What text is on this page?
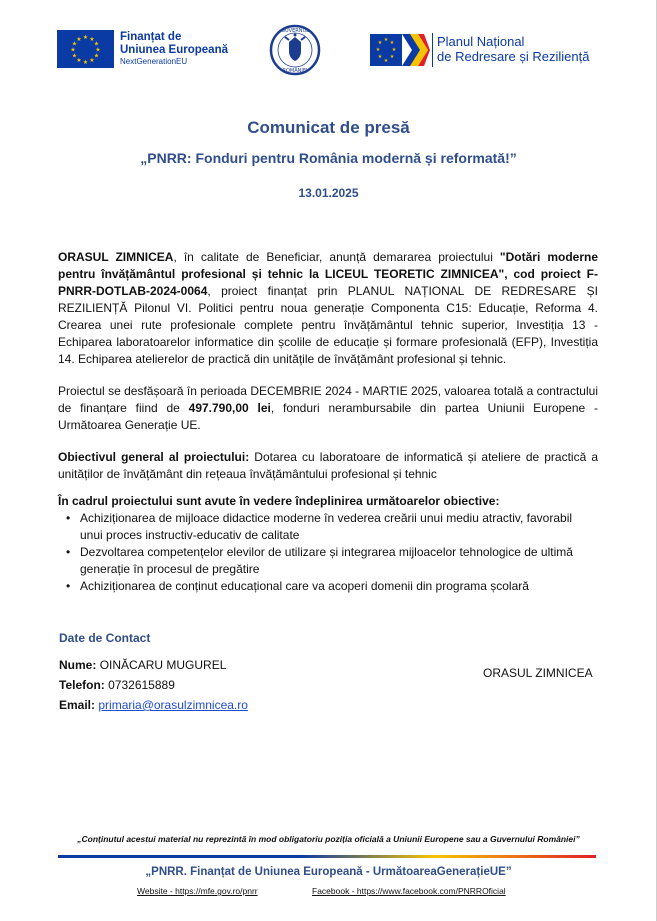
★ ★
★
★
★
★
★
★
★
★
★
★	Finanțat de
Uniunea Europeană
NextGenerationEU
GUVERNUL
ROMÂNIEI
★ ★
★
★
★
★
★
★	Planul Național
de Redresare și Reziliență
Comunicat de presă
„PNRR: Fonduri pentru România modernă și reformată!”
13.01.2025

ORASUL ZIMNICEA, în calitate de Beneficiar, anunță demararea proiectului "Dotări moderne pentru învățământul profesional și tehnic la LICEUL TEORETIC ZIMNICEA", cod proiect F-PNRR-DOTLAB-2024-0064, proiect finanțat prin PLANUL NAȚIONAL DE REDRESARE ȘI REZILIENȚĂ Pilonul VI. Politici pentru noua generație Componenta C15: Educație, Reforma 4. Crearea unei rute profesionale complete pentru învățământul tehnic superior, Investiția 13 - Echiparea laboratoarelor informatice din școlile de educație și formare profesională (EFP), Investiția 14. Echiparea atelierelor de practică din unitățile de învățământ profesional și tehnic.

Proiectul se desfășoară în perioada DECEMBRIE 2024 - MARTIE 2025, valoarea totală a contractului de finanțare fiind de 497.790,00 lei, fonduri nerambursabile din partea Uniunii Europene - Următoarea Generație UE.

Obiectivul general al proiectului: Dotarea cu laboratoare de informatică și ateliere de practică a unităților de învățământ din rețeaua învățământului profesional și tehnic

În cadrul proiectului sunt avute în vedere îndeplinirea următoarelor obiective:

• Achiziționarea de mijloace didactice moderne în vederea creării unui mediu atractiv, favorabil unui proces instructiv-educativ de calitate
• Dezvoltarea competențelor elevilor de utilizare și integrarea mijloacelor tehnologice de ultimă generație în procesul de pregătire
• Achiziționarea de conținut educațional care va acoperi domenii din programa școlară
Date de Contact
Nume: OINĂCARU MUGUREL
Telefon: 0732615889
Email: primaria@orasulzimnicea.ro
ORASUL ZIMNICEA
„Conținutul acestui material nu reprezintă în mod obligatoriu poziția oficială a Uniunii Europene sau a Guvernului României”
„PNRR. Finanțat de Uniunea Europeană - UrmătoareaGenerațieUE”
Website - https://mfe.gov.ro/pnrr	Facebook - https://www.facebook.com/PNRROficial
